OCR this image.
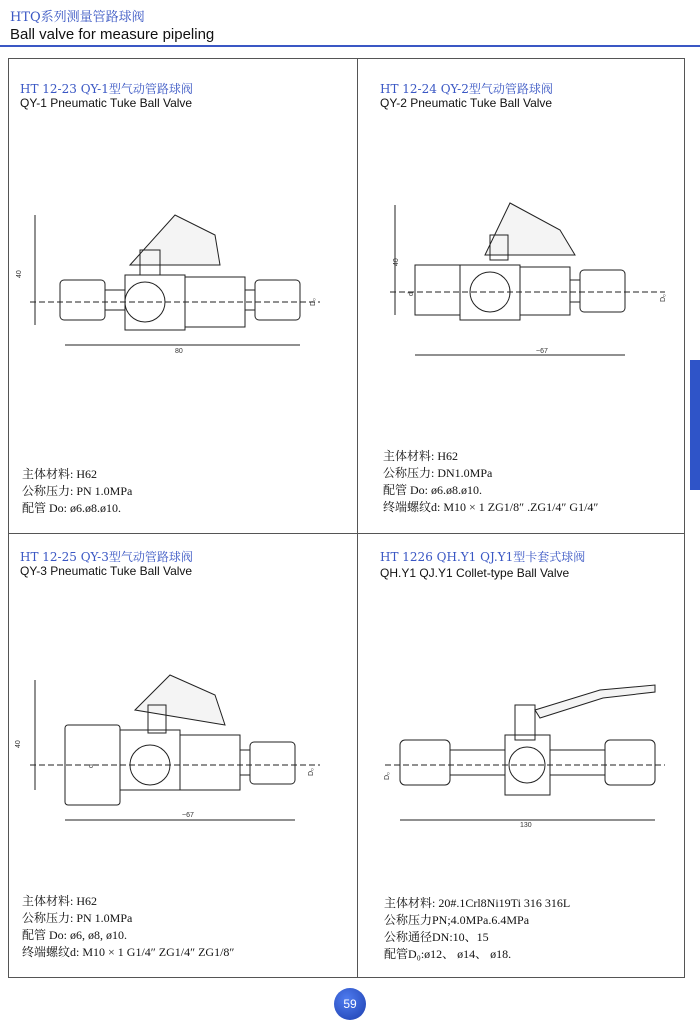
HTQ系列测量管路球阀
Ball valve for measure pipeling
HT 12-23 QY-1型气动管路球阀
QY-1 Pneumatic Tuke Ball Valve
40
80
D₀
主体材料: H62
公称压力: PN 1.0MPa
配管 Do: ø6.ø8.ø10.
HT 12-24 QY-2型气动管路球阀
QY-2 Pneumatic Tuke Ball Valve
40
d
~67
D₀
主体材料: H62
公称压力: DN1.0MPa
配管 Do: ø6.ø8.ø10.
终端螺纹d: M10 × 1 ZG1/8″ .ZG1/4″ G1/4″
HT 12-25 QY-3型气动管路球阀
QY-3 Pneumatic Tuke Ball Valve
40
d
~67
D₀
主体材料: H62
公称压力: PN 1.0MPa
配管 Do: ø6, ø8, ø10.
终端螺纹d: M10 × 1 G1/4″ ZG1/4″ ZG1/8″
HT 1226 QH.Y1 QJ.Y1型卡套式球阀
QH.Y1 QJ.Y1 Collet-type Ball Valve
130
D₀
主体材料: 20#.1Crl8Ni19Ti 316 316L
公称压力PN;4.0MPa.6.4MPa
公称通径DN:10、15
配管D₀:ø12、 ø14、 ø18.
59
